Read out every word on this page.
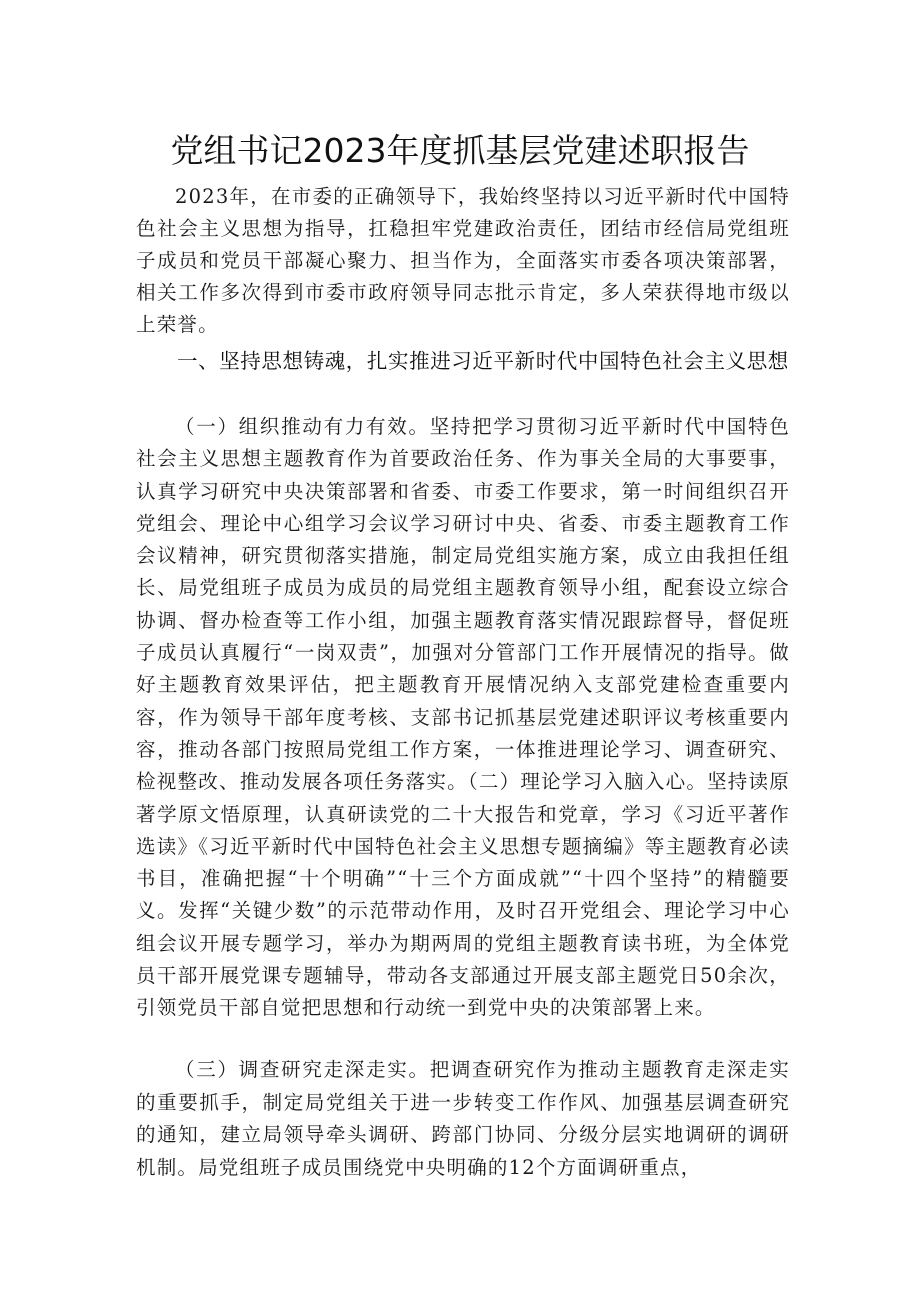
党组书记2023年度抓基层党建述职报告

2023年，在市委的正确领导下，我始终坚持以习近平新时代中国特色社会主义思想为指导，扛稳担牢党建政治责任，团结市经信局党组班子成员和党员干部凝心聚力、担当作为，全面落实市委各项决策部署，相关工作多次得到市委市政府领导同志批示肯定，多人荣获得地市级以上荣誉。

一、坚持思想铸魂，扎实推进习近平新时代中国特色社会主义思想

（一）组织推动有力有效。坚持把学习贯彻习近平新时代中国特色社会主义思想主题教育作为首要政治任务、作为事关全局的大事要事，认真学习研究中央决策部署和省委、市委工作要求，第一时间组织召开党组会、理论中心组学习会议学习研讨中央、省委、市委主题教育工作会议精神，研究贯彻落实措施，制定局党组实施方案，成立由我担任组长、局党组班子成员为成员的局党组主题教育领导小组，配套设立综合协调、督办检查等工作小组，加强主题教育落实情况跟踪督导，督促班子成员认真履行“一岗双责”，加强对分管部门工作开展情况的指导。做好主题教育效果评估，把主题教育开展情况纳入支部党建检查重要内容，作为领导干部年度考核、支部书记抓基层党建述职评议考核重要内容，推动各部门按照局党组工作方案，一体推进理论学习、调查研究、检视整改、推动发展各项任务落实。（二）理论学习入脑入心。坚持读原著学原文悟原理，认真研读党的二十大报告和党章，学习《习近平著作选读》《习近平新时代中国特色社会主义思想专题摘编》等主题教育必读书目，准确把握“十个明确”“十三个方面成就”“十四个坚持”的精髓要义。发挥“关键少数”的示范带动作用，及时召开党组会、理论学习中心组会议开展专题学习，举办为期两周的党组主题教育读书班，为全体党员干部开展党课专题辅导，带动各支部通过开展支部主题党日50余次，引领党员干部自觉把思想和行动统一到党中央的决策部署上来。

（三）调查研究走深走实。把调查研究作为推动主题教育走深走实的重要抓手，制定局党组关于进一步转变工作作风、加强基层调查研究的通知，建立局领导牵头调研、跨部门协同、分级分层实地调研的调研机制。局党组班子成员围绕党中央明确的12个方面调研重点，
